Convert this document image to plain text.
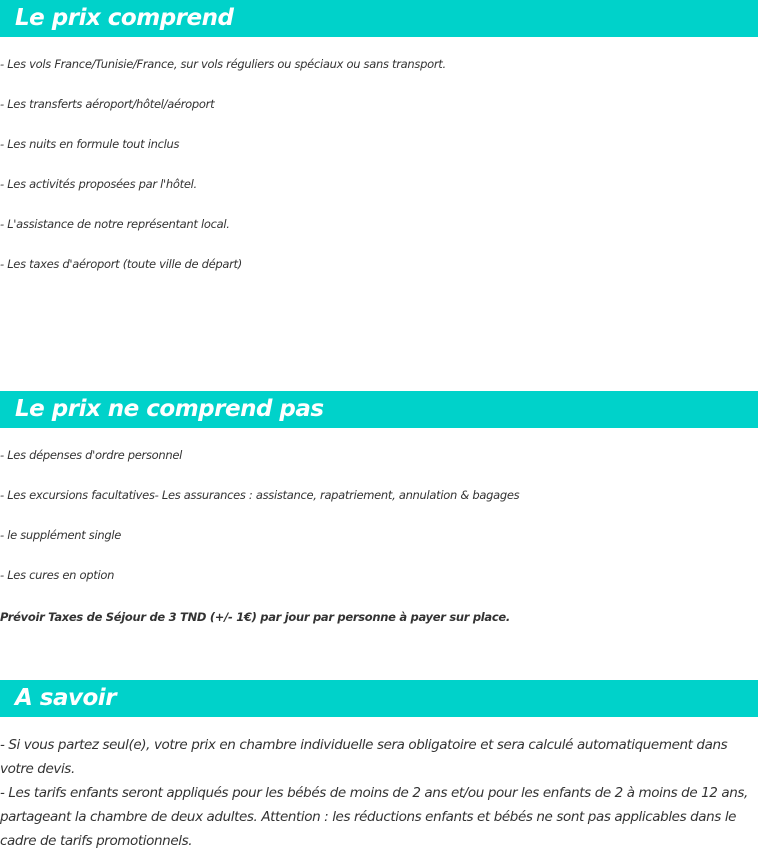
Le prix comprend
- Les vols France/Tunisie/France, sur vols réguliers ou spéciaux ou sans transport.
- Les transferts aéroport/hôtel/aéroport
- Les nuits en formule tout inclus
- Les activités proposées par l'hôtel.
- L'assistance de notre représentant local.
- Les taxes d'aéroport (toute ville de départ)
Le prix ne comprend pas
- Les dépenses d'ordre personnel
- Les excursions facultatives- Les assurances : assistance, rapatriement, annulation & bagages
- le supplément single
- Les cures en option
Prévoir Taxes de Séjour de 3 TND (+/- 1€) par jour par personne à payer sur place.
A savoir
- Si vous partez seul(e), votre prix en chambre individuelle sera obligatoire et sera calculé automatiquement dans votre devis.
- Les tarifs enfants seront appliqués pour les bébés de moins de 2 ans et/ou pour les enfants de 2 à moins de 12 ans, partageant la chambre de deux adultes. Attention : les réductions enfants et bébés ne sont pas applicables dans le cadre de tarifs promotionnels.
